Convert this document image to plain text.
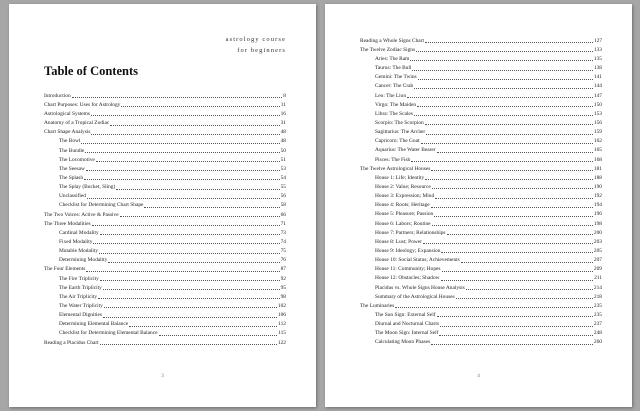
astrology course
for beginners
Table of Contents
Introduction	8
Chart Purposes: Uses for Astrology	11
Astrological Systems	16
Anatomy of a Tropical Zodiac	31
Chart Shape Analysis	48
The Bowl	48
The Bundle	50
The Locomotive	51
The Seesaw	53
The Splash	54
The Splay (Bucket, Sling)	55
Unclassified	56
Checklist for Determining Chart Shape	58
The Two Voices: Active & Passive	66
The Three Modalities	71
Cardinal Modality	73
Fixed Modality	74
Mutable Modality	75
Determining Modality	76
The Four Elements	87
The Fire Triplicity	92
The Earth Triplicity	95
The Air Triplicity	98
The Water Triplicity	102
Elemental Dignities	106
Determining Elemental Balance	112
Checklist for Determining Elemental Balance	115
Reading a Placidus Chart	122
3
Reading a Whole Signs Chart	127
The Twelve Zodiac Signs	133
Aries: The Ram	135
Taurus: The Bull	138
Gemini: The Twins	141
Cancer: The Crab	144
Leo: The Lion	147
Virgo: The Maiden	150
Libra: The Scales	153
Scorpio: The Scorpion	156
Sagittarius: The Archer	159
Capricorn: The Goat	162
Aquarius: The Water Bearer	165
Pisces: The Fish	168
The Twelve Astrological Houses	181
House 1: Life; Identity	188
House 2: Value; Resource	190
House 3: Expression; Mind	192
House 4: Roots; Heritage	194
House 5: Pleasure; Passion	196
House 6: Labors; Routine	198
House 7: Partners; Relationships	200
House 8: Lust; Power	203
House 9: Ideology; Expansion	205
House 10: Social Status; Achievements	207
House 11: Community; Hopes	209
House 12: Obstacles; Shadow	211
Placidus vs. Whole Signs House Analysis	214
Summary of the Astrological Houses	218
The Luminaries	235
The Sun Sign: External Self	235
Diurnal and Nocturnal Charts	237
The Moon Sign: Internal Self	248
Calculating Moon Phases	260
4
